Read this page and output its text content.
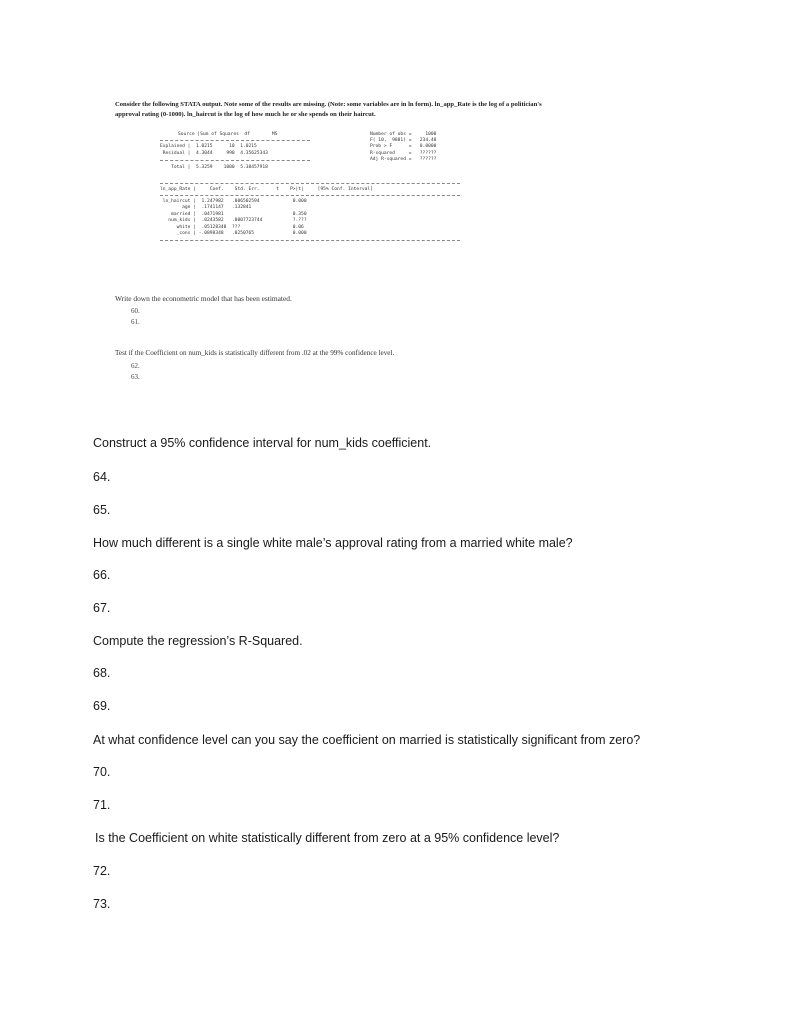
Consider the following STATA output. Note some of the results are missing. (Note: some variables are in ln form). ln_app_Rate is the log of a politician's approval rating (0-1000). ln_haircut is the log of how much he or she spends on their haircut.

Source |Sum of Squares  df        MS
Explained |  1.0215      10  1.0215
Residual |  4.3044     990  4.35625343
Total |  5.3259    1000  5.38457918
Number of obs =     1000
F( 10,  9881) =   234.48
Prob > F      =   0.0000
R-squared     =   ??????
Adj R-squared =   ??????
ln_app_Rate |     Coef.    Std. Err.      t    P>|t|     [95% Conf. Interval]
ln_haircut |  1.247982   .006502594            0.000
age |  .1741147   .132841
married |  .0471981                         0.350
num_kids |  .0243582   .0007723744           ?.???
white |  .05128348  ???                   0.06
_cons | -.0898348   .0250765              0.000

Write down the econometric model that has been estimated.

60.

61.

Test if the Coefficient on num_kids is statistically different from .02 at the 99% confidence level.

62.

63.

Construct a 95% confidence interval for num_kids coefficient.

64.

65.

How much different is a single white male’s approval rating from a married white male?

66.

67.

Compute the regression’s R-Squared.

68.

69.

At what confidence level can you say the coefficient on married is statistically significant from zero?

70.

71.

Is the Coefficient on white statistically different from zero at a 95% confidence level?

72.

73.
